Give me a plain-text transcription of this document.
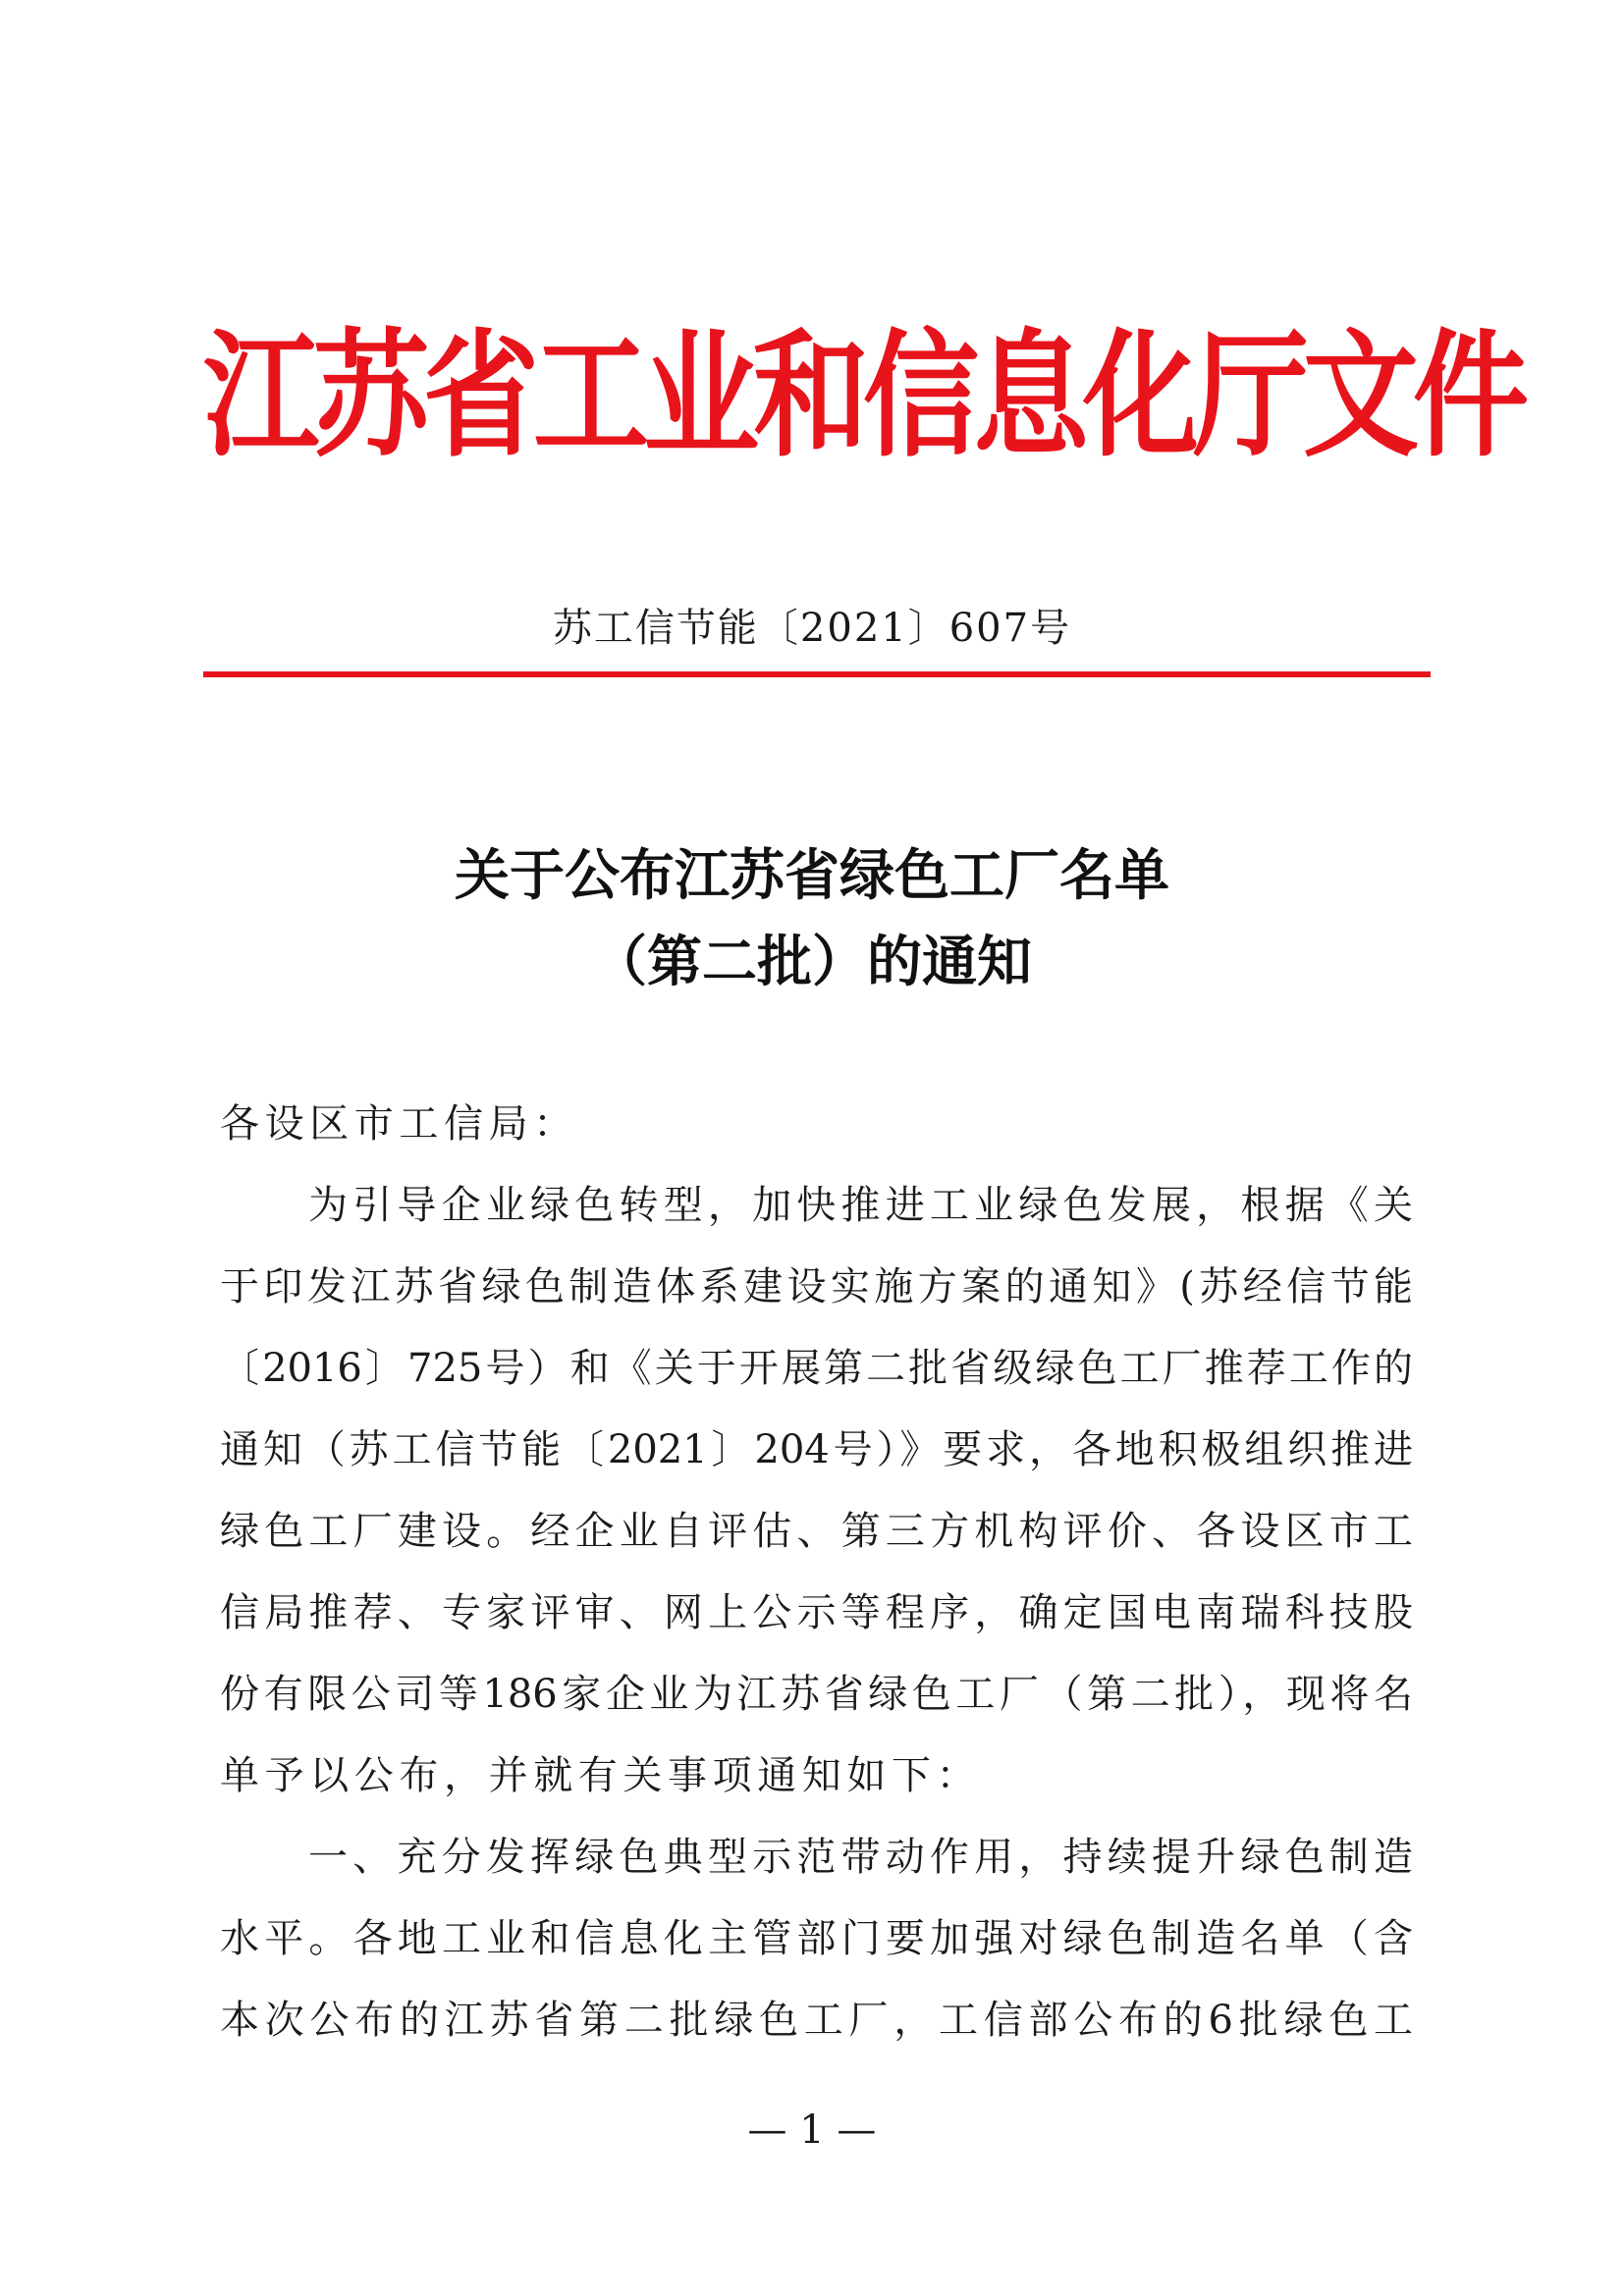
江苏省工业和信息化厅文件
苏工信节能〔2021〕607号
关于公布江苏省绿色工厂名单
（第二批）的通知
各设区市工信局：
为引导企业绿色转型，加快推进工业绿色发展，根据《关
于印发江苏省绿色制造体系建设实施方案的通知》(苏经信节能
〔2016〕725号）和《关于开展第二批省级绿色工厂推荐工作的
通知（苏工信节能〔2021〕204号）》要求，各地积极组织推进
绿色工厂建设。经企业自评估、第三方机构评价、各设区市工
信局推荐、专家评审、网上公示等程序，确定国电南瑞科技股
份有限公司等186家企业为江苏省绿色工厂（第二批），现将名
单予以公布，并就有关事项通知如下：
一、充分发挥绿色典型示范带动作用，持续提升绿色制造
水平。各地工业和信息化主管部门要加强对绿色制造名单（含
本次公布的江苏省第二批绿色工厂，工信部公布的6批绿色工
— 1 —
